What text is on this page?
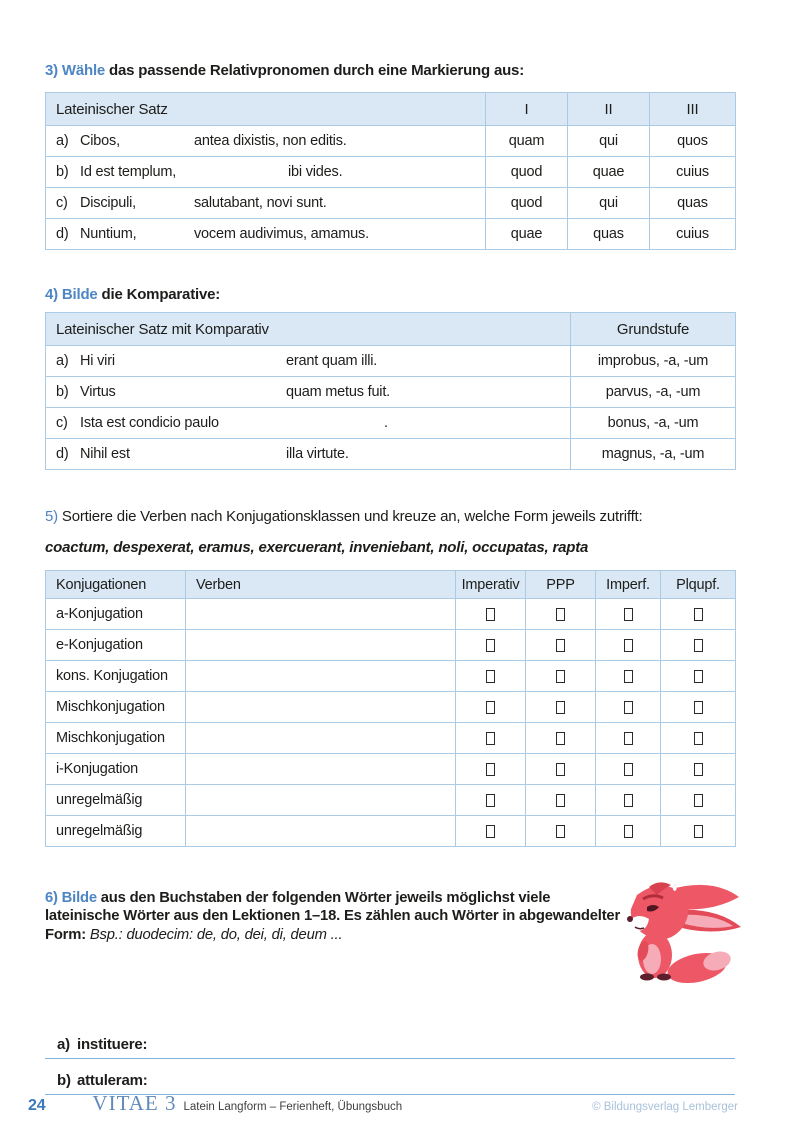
3) Wähle das passende Relativpronomen durch eine Markierung aus:
Lateinischer Satz	I	II	III
a) Cibos, antea dixistis, non editis.	quam	qui	quos
b) Id est templum, ibi vides.	quod	quae	cuius
c) Discipuli, salutabant, novi sunt.	quod	qui	quas
d) Nuntium, vocem audivimus, amamus.	quae	quas	cuius
4) Bilde die Komparative:
Lateinischer Satz mit Komparativ	Grundstufe
a) Hi viri erant quam illi.	improbus, -a, -um
b) Virtus quam metus fuit.	parvus, -a, -um
c) Ista est condicio paulo .	bonus, -a, -um
d) Nihil est illa virtute.	magnus, -a, -um
5) Sortiere die Verben nach Konjugationsklassen und kreuze an, welche Form jeweils zutrifft:
coactum, despexerat, eramus, exercuerant, inveniebant, noli, occupatas, rapta
Konjugationen	Verben	Imperativ	PPP	Imperf.	Plqupf.
a-Konjugation					
e-Konjugation					
kons. Konjugation					
Mischkonjugation					
Mischkonjugation					
i-Konjugation					
unregelmäßig					
unregelmäßig					
6) Bilde aus den Buchstaben der folgenden Wörter jeweils möglichst viele lateinische Wörter aus den Lektionen 1–18. Es zählen auch Wörter in abgewandelter Form: Bsp.: duodecim: de, do, dei, di, deum ...
a) instituere:
b) attuleram:
24 VITAE 3 Latein Langform – Ferienheft, Übungsbuch	© Bildungsverlag Lemberger
